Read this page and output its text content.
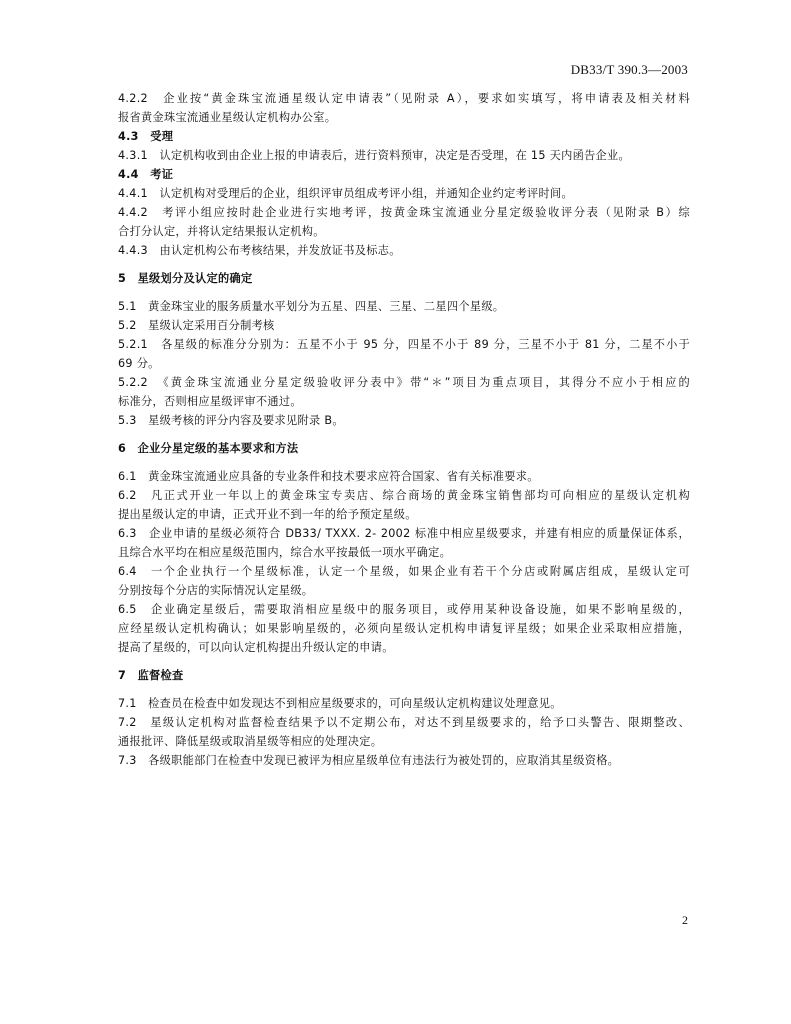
DB33/T 390.3—2003
4.2.2　企业按“黄金珠宝流通星级认定申请表”（见附录 A），要求如实填写，将申请表及相关材料
报省黄金珠宝流通业星级认定机构办公室。
4.3　受理
4.3.1　认定机构收到由企业上报的申请表后，进行资料预审，决定是否受理，在 15 天内函告企业。
4.4　考证
4.4.1　认定机构对受理后的企业，组织评审员组成考评小组，并通知企业约定考评时间。
4.4.2　考评小组应按时赴企业进行实地考评，按黄金珠宝流通业分星定级验收评分表（见附录 B）综
合打分认定，并将认定结果报认定机构。
4.4.3　由认定机构公布考核结果，并发放证书及标志。
5　星级划分及认定的确定
5.1　黄金珠宝业的服务质量水平划分为五星、四星、三星、二星四个星级。
5.2　星级认定采用百分制考核
5.2.1　各星级的标准分分别为：五星不小于 95 分，四星不小于 89 分，三星不小于 81 分，二星不小于
69 分。
5.2.2　《黄金珠宝流通业分星定级验收评分表中》带“＊”项目为重点项目，其得分不应小于相应的
标准分，否则相应星级评审不通过。
5.3　星级考核的评分内容及要求见附录 B。
6　企业分星定级的基本要求和方法
6.1　黄金珠宝流通业应具备的专业条件和技术要求应符合国家、省有关标准要求。
6.2　凡正式开业一年以上的黄金珠宝专卖店、综合商场的黄金珠宝销售部均可向相应的星级认定机构
提出星级认定的申请，正式开业不到一年的给予预定星级。
6.3　企业申请的星级必须符合 DB33/ TXXX. 2- 2002 标准中相应星级要求，并建有相应的质量保证体系，
且综合水平均在相应星级范围内，综合水平按最低一项水平确定。
6.4　一个企业执行一个星级标准，认定一个星级，如果企业有若干个分店或附属店组成，星级认定可
分别按每个分店的实际情况认定星级。
6.5　企业确定星级后，需要取消相应星级中的服务项目，或停用某种设备设施，如果不影响星级的，
应经星级认定机构确认；如果影响星级的，必须向星级认定机构申请复评星级；如果企业采取相应措施，
提高了星级的，可以向认定机构提出升级认定的申请。
7　监督检查
7.1　检查员在检查中如发现达不到相应星级要求的，可向星级认定机构建议处理意见。
7.2　星级认定机构对监督检查结果予以不定期公布，对达不到星级要求的，给予口头警告、限期整改、
通报批评、降低星级或取消星级等相应的处理决定。
7.3　各级职能部门在检查中发现已被评为相应星级单位有违法行为被处罚的，应取消其星级资格。
2
